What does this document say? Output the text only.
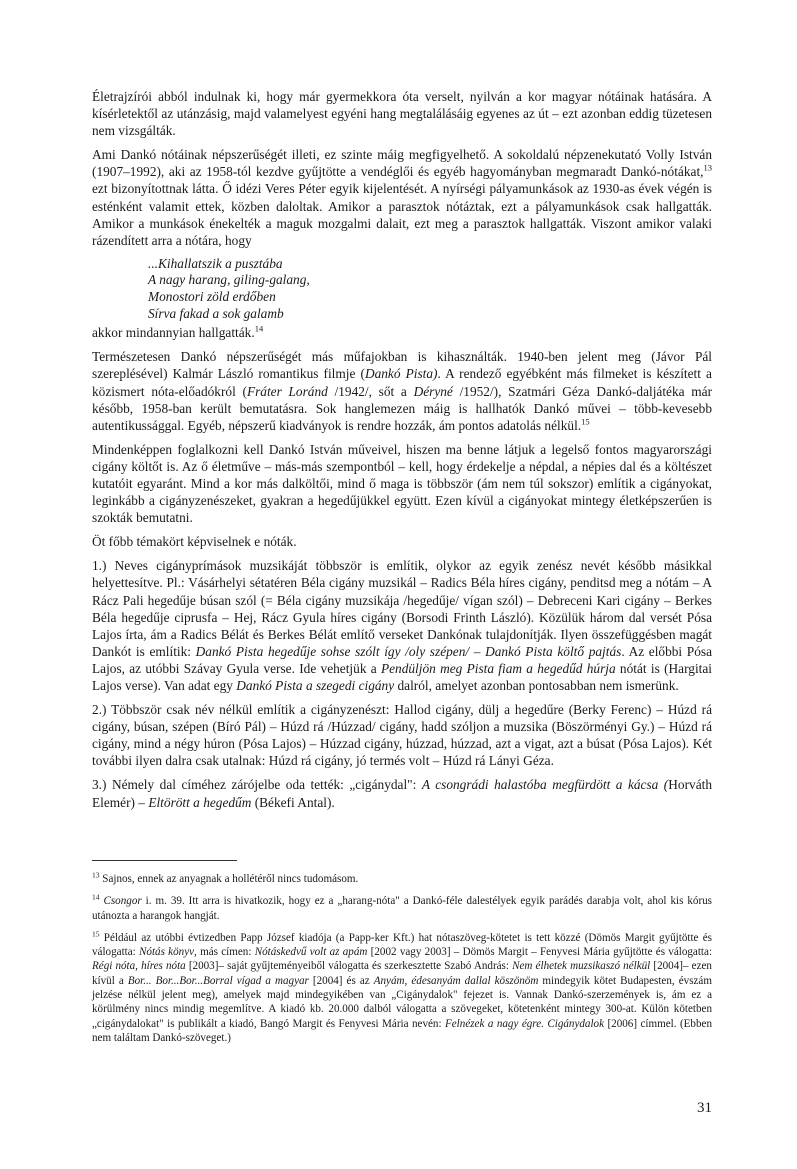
Életrajzírói abból indulnak ki, hogy már gyermekkora óta verselt, nyilván a kor magyar nótáinak hatására. A kísérletektől az utánzásig, majd valamelyest egyéni hang megtalálásáig egyenes az út – ezt azonban eddig tüzetesen nem vizsgálták.

Ami Dankó nótáinak népszerűségét illeti, ez szinte máig megfigyelhető. A sokoldalú népzenekutató Volly István (1907–1992), aki az 1958-tól kezdve gyűjtötte a vendéglői és egyéb hagyományban megmaradt Dankó-nótákat,$^{13}$ ezt bizonyítottnak látta. Ő idézi Veres Péter egyik kijelentését. A nyírségi pályamunkások az 1930-as évek végén is esténként valamit ettek, közben daloltak. Amikor a parasztok nótáztak, ezt a pályamunkások csak hallgatták. Amikor a munkások énekelték a maguk mozgalmi dalait, ezt meg a parasztok hallgatták. Viszont amikor valaki rázendített arra a nótára, hogy

...Kihallatszik a pusztába
A nagy harang, giling-galang,
Monostori zöld erdőben
Sírva fakad a sok galamb

akkor mindannyian hallgatták.$^{14}$

Természetesen Dankó népszerűségét más műfajokban is kihasználták. 1940-ben jelent meg (Jávor Pál szereplésével) Kalmár László romantikus filmje (Dankó Pista). A rendező egyébként más filmeket is készített a közismert nóta-előadókról (Fráter Loránd /1942/, sőt a Déryné /1952/), Szatmári Géza Dankó-daljátéka már később, 1958-ban került bemutatásra. Sok hanglemezen máig is hallhatók Dankó művei – több-kevesebb autentikussággal. Egyéb, népszerű kiadványok is rendre hozzák, ám pontos adatolás nélkül.$^{15}$

Mindenképpen foglalkozni kell Dankó István műveivel, hiszen ma benne látjuk a legelső fontos magyarországi cigány költőt is. Az ő életműve – más-más szempontból – kell, hogy érdekelje a népdal, a népies dal és a költészet kutatóit egyaránt. Mind a kor más dalköltői, mind ő maga is többször (ám nem túl sokszor) említik a cigányokat, leginkább a cigányzenészeket, gyakran a hegedűjükkel együtt. Ezen kívül a cigányokat mintegy életképszerűen is szokták bemutatni.

Öt főbb témakört képviselnek e nóták.

1.) Neves cigányprímások muzsikáját többször is említik, olykor az egyik zenész nevét később másikkal helyettesítve. Pl.: Vásárhelyi sétatéren Béla cigány muzsikál – Radics Béla híres cigány, penditsd meg a nótám – A Rácz Pali hegedűje búsan szól (= Béla cigány muzsikája /hegedűje/ vígan szól) – Debreceni Kari cigány – Berkes Béla hegedűje ciprusfa – Hej, Rácz Gyula híres cigány (Borsodi Frinth László). Közülük három dal versét Pósa Lajos írta, ám a Radics Bélát és Berkes Bélát említő verseket Dankónak tulajdonítják. Ilyen összefüggésben magát Dankót is említik: Dankó Pista hegedűje sohse szólt így /oly szépen/ – Dankó Pista költő pajtás. Az előbbi Pósa Lajos, az utóbbi Szávay Gyula verse. Ide vehetjük a Pendüljön meg Pista fiam a hegedűd húrja nótát is (Hargitai Lajos verse). Van adat egy Dankó Pista a szegedi cigány dalról, amelyet azonban pontosabban nem ismerünk.

2.) Többször csak név nélkül említik a cigányzenészt: Hallod cigány, dülj a hegedűre (Berky Ferenc) – Húzd rá cigány, búsan, szépen (Bíró Pál) – Húzd rá /Húzzad/ cigány, hadd szóljon a muzsika (Böszörményi Gy.) – Húzd rá cigány, mind a négy húron (Pósa Lajos) – Húzzad cigány, húzzad, húzzad, azt a vigat, azt a búsat (Pósa Lajos). Két további ilyen dalra csak utalnak: Húzd rá cigány, jó termés volt – Húzd rá Lányi Géza.

3.) Némely dal címéhez zárójelbe oda tették: „cigánydal": A csongrádi halastóba megfürdött a kácsa (Horváth Elemér) – Eltörött a hegedűm (Békefi Antal).

$^{13}$ Sajnos, ennek az anyagnak a hollétéről nincs tudomásom.

$^{14}$ Csongor i. m. 39. Itt arra is hivatkozik, hogy ez a „harang-nóta" a Dankó-féle dalestélyek egyik parádés darabja volt, ahol kis kórus utánozta a harangok hangját.

$^{15}$ Például az utóbbi évtizedben Papp József kiadója (a Papp-ker Kft.) hat nótaszöveg-kötetet is tett közzé (Dömös Margit gyűjtötte és válogatta: Nótás könyv, más címen: Nótáskedvű volt az apám [2002 vagy 2003] – Dömös Margit – Fenyvesi Mária gyűjtötte és válogatta: Régi nóta, híres nóta [2003]– saját gyűjteményeiből válogatta és szerkesztette Szabó András: Nem élhetek muzsikaszó nélkül [2004]– ezen kívül a Bor... Bor...Bor...Borral vígad a magyar [2004] és az Anyám, édesanyám dallal köszönöm mindegyik kötet Budapesten, évszám jelzése nélkül jelent meg), amelyek majd mindegyikében van „Cigánydalok" fejezet is. Vannak Dankó-szerzemények is, ám ez a körülmény nincs mindig megemlítve. A kiadó kb. 20.000 dalból válogatta a szövegeket, kötetenként mintegy 300-at. Külön kötetben „cigánydalokat" is publikált a kiadó, Bangó Margit és Fenyvesi Mária nevén: Felnézek a nagy égre. Cigánydalok [2006] címmel. (Ebben nem találtam Dankó-szöveget.)

31
